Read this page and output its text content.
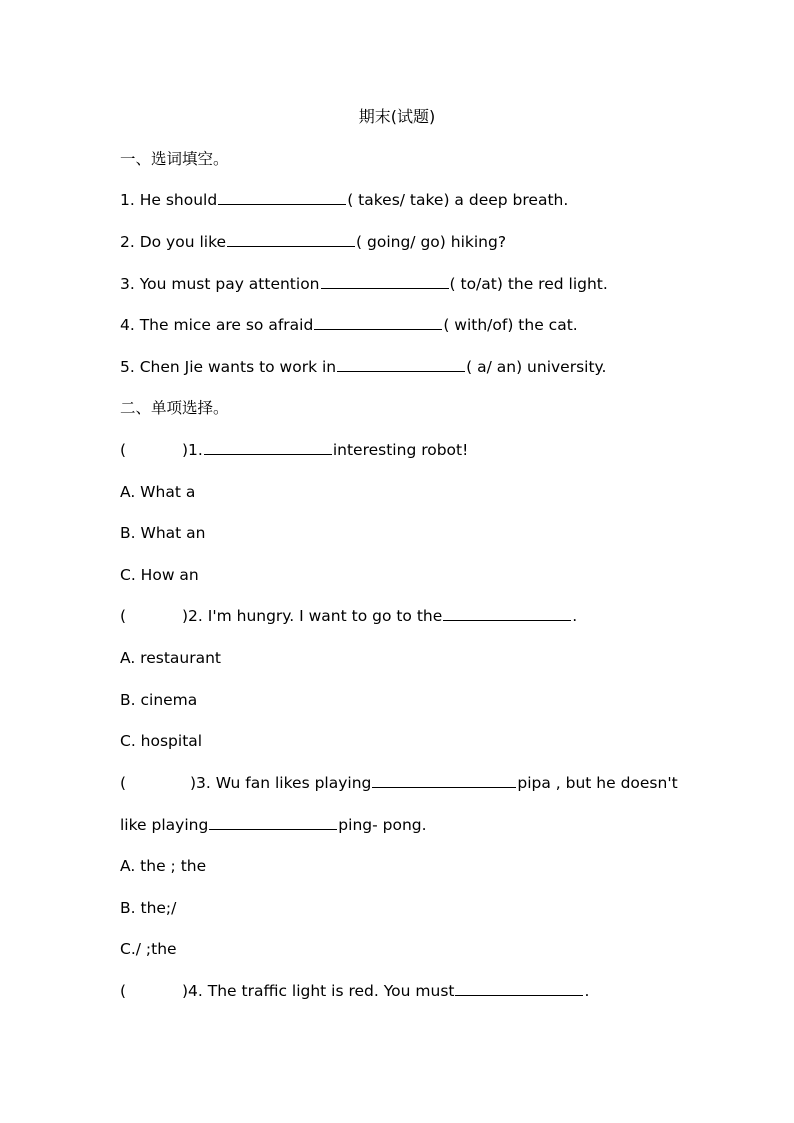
期末(试题)
一、选词填空。
1. He should	( takes/ take) a deep breath.
2. Do you like	( going/ go) hiking?
3. You must pay attention	( to/at) the red light.
4. The mice are so afraid	( with/of) the cat.
5. Chen Jie wants to work in	( a/ an) university.
二、单项选择。
(	)1.	interesting robot!
A. What a
B. What an
C. How an
(	)2. I'm hungry. I want to go to the	.
A. restaurant
B. cinema
C. hospital
(	)3. Wu fan likes playing	pipa , but he doesn't
like playing	ping- pong.
A. the ; the
B. the;/
C./ ;the
(	)4. The traffic light is red. You must	.
